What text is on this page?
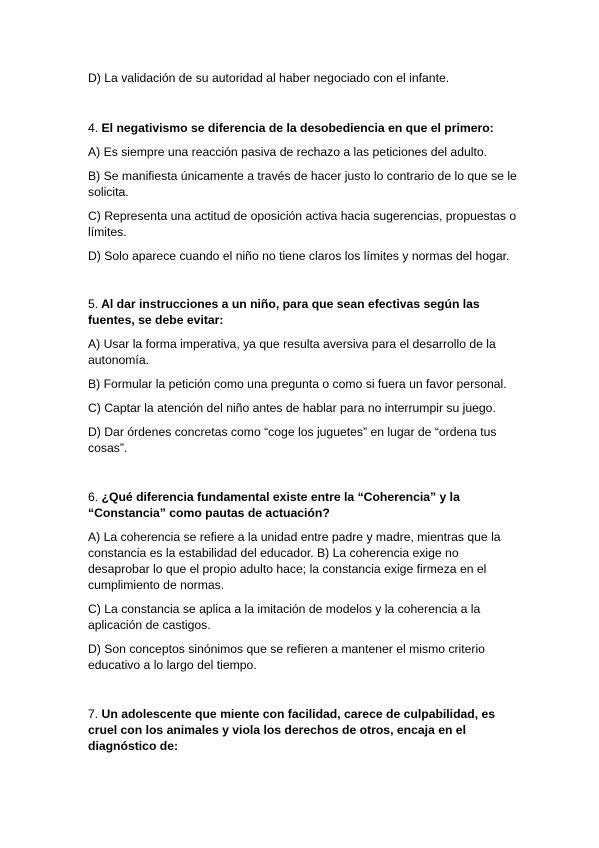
D) La validación de su autoridad al haber negociado con el infante.
4. El negativismo se diferencia de la desobediencia en que el primero:
A) Es siempre una reacción pasiva de rechazo a las peticiones del adulto.
B) Se manifiesta únicamente a través de hacer justo lo contrario de lo que se le
solicita.
C) Representa una actitud de oposición activa hacia sugerencias, propuestas o
límites.
D) Solo aparece cuando el niño no tiene claros los límites y normas del hogar.
5. Al dar instrucciones a un niño, para que sean efectivas según las
fuentes, se debe evitar:
A) Usar la forma imperativa, ya que resulta aversiva para el desarrollo de la
autonomía.
B) Formular la petición como una pregunta o como si fuera un favor personal.
C) Captar la atención del niño antes de hablar para no interrumpir su juego.
D) Dar órdenes concretas como “coge los juguetes” en lugar de “ordena tus
cosas”.
6. ¿Qué diferencia fundamental existe entre la “Coherencia” y la
“Constancia” como pautas de actuación?
A) La coherencia se refiere a la unidad entre padre y madre, mientras que la
constancia es la estabilidad del educador. B) La coherencia exige no
desaprobar lo que el propio adulto hace; la constancia exige firmeza en el
cumplimiento de normas.
C) La constancia se aplica a la imitación de modelos y la coherencia a la
aplicación de castigos.
D) Son conceptos sinónimos que se refieren a mantener el mismo criterio
educativo a lo largo del tiempo.
7. Un adolescente que miente con facilidad, carece de culpabilidad, es
cruel con los animales y viola los derechos de otros, encaja en el
diagnóstico de:
